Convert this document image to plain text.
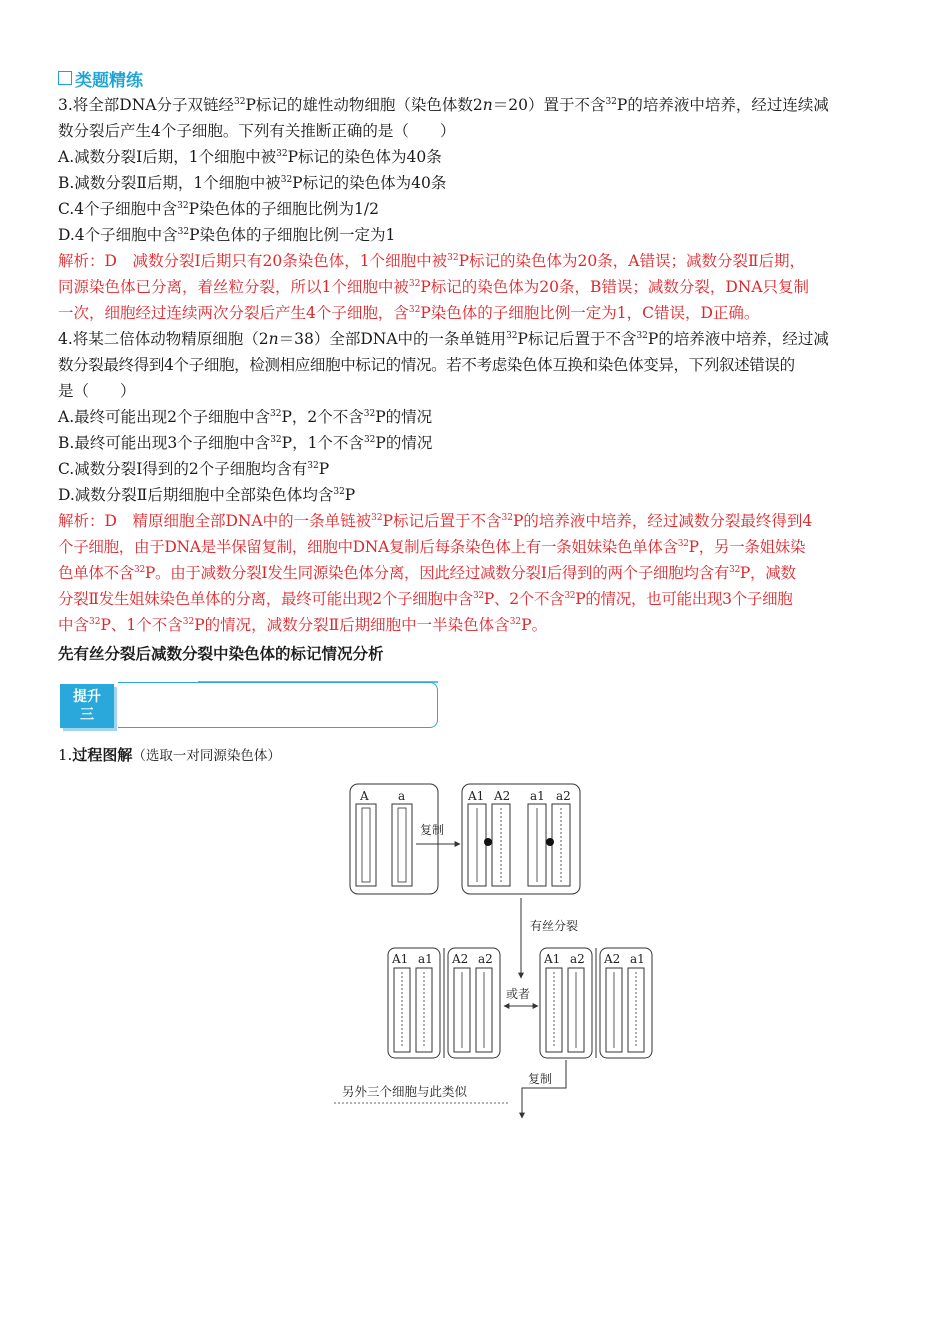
类题精练

3.将全部DNA分子双链经$^{32}$P标记的雄性动物细胞（染色体数2n＝20）置于不含$^{32}$P的培养液中培养，经过连续减

数分裂后产生4个子细胞。下列有关推断正确的是（　　）

A.减数分裂Ⅰ后期，1个细胞中被$^{32}$P标记的染色体为40条

B.减数分裂Ⅱ后期，1个细胞中被$^{32}$P标记的染色体为40条

C.4个子细胞中含$^{32}$P染色体的子细胞比例为1/2

D.4个子细胞中含$^{32}$P染色体的子细胞比例一定为1

解析：D　减数分裂Ⅰ后期只有20条染色体，1个细胞中被$^{32}$P标记的染色体为20条，A错误；减数分裂Ⅱ后期，

同源染色体已分离，着丝粒分裂，所以1个细胞中被$^{32}$P标记的染色体为20条，B错误；减数分裂，DNA只复制

一次，细胞经过连续两次分裂后产生4个子细胞，含$^{32}$P染色体的子细胞比例一定为1，C错误，D正确。

4.将某二倍体动物精原细胞（2n＝38）全部DNA中的一条单链用$^{32}$P标记后置于不含$^{32}$P的培养液中培养，经过减

数分裂最终得到4个子细胞，检测相应细胞中标记的情况。若不考虑染色体互换和染色体变异，下列叙述错误的

是（　　）

A.最终可能出现2个子细胞中含$^{32}$P，2个不含$^{32}$P的情况

B.最终可能出现3个子细胞中含$^{32}$P，1个不含$^{32}$P的情况

C.减数分裂Ⅰ得到的2个子细胞均含有$^{32}$P

D.减数分裂Ⅱ后期细胞中全部染色体均含$^{32}$P

解析：D　精原细胞全部DNA中的一条单链被$^{32}$P标记后置于不含$^{32}$P的培养液中培养，经过减数分裂最终得到4

个子细胞，由于DNA是半保留复制，细胞中DNA复制后每条染色体上有一条姐妹染色单体含$^{32}$P，另一条姐妹染

色单体不含$^{32}$P。由于减数分裂Ⅰ发生同源染色体分离，因此经过减数分裂Ⅰ后得到的两个子细胞均含有$^{32}$P，减数

分裂Ⅱ发生姐妹染色单体的分离，最终可能出现2个子细胞中含$^{32}$P、2个不含$^{32}$P的情况，也可能出现3个子细胞

中含$^{32}$P、1个不含$^{32}$P的情况，减数分裂Ⅱ后期细胞中一半染色体含$^{32}$P。

先有丝分裂后减数分裂中染色体的标记情况分析
提升
三
1.过程图解（选取一对同源染色体）
A a
复制
A1 A2 a1 a2
有丝分裂
A1 a1 A2 a2
或者
A1 a2 A2 a1
复制
另外三个细胞与此类似
